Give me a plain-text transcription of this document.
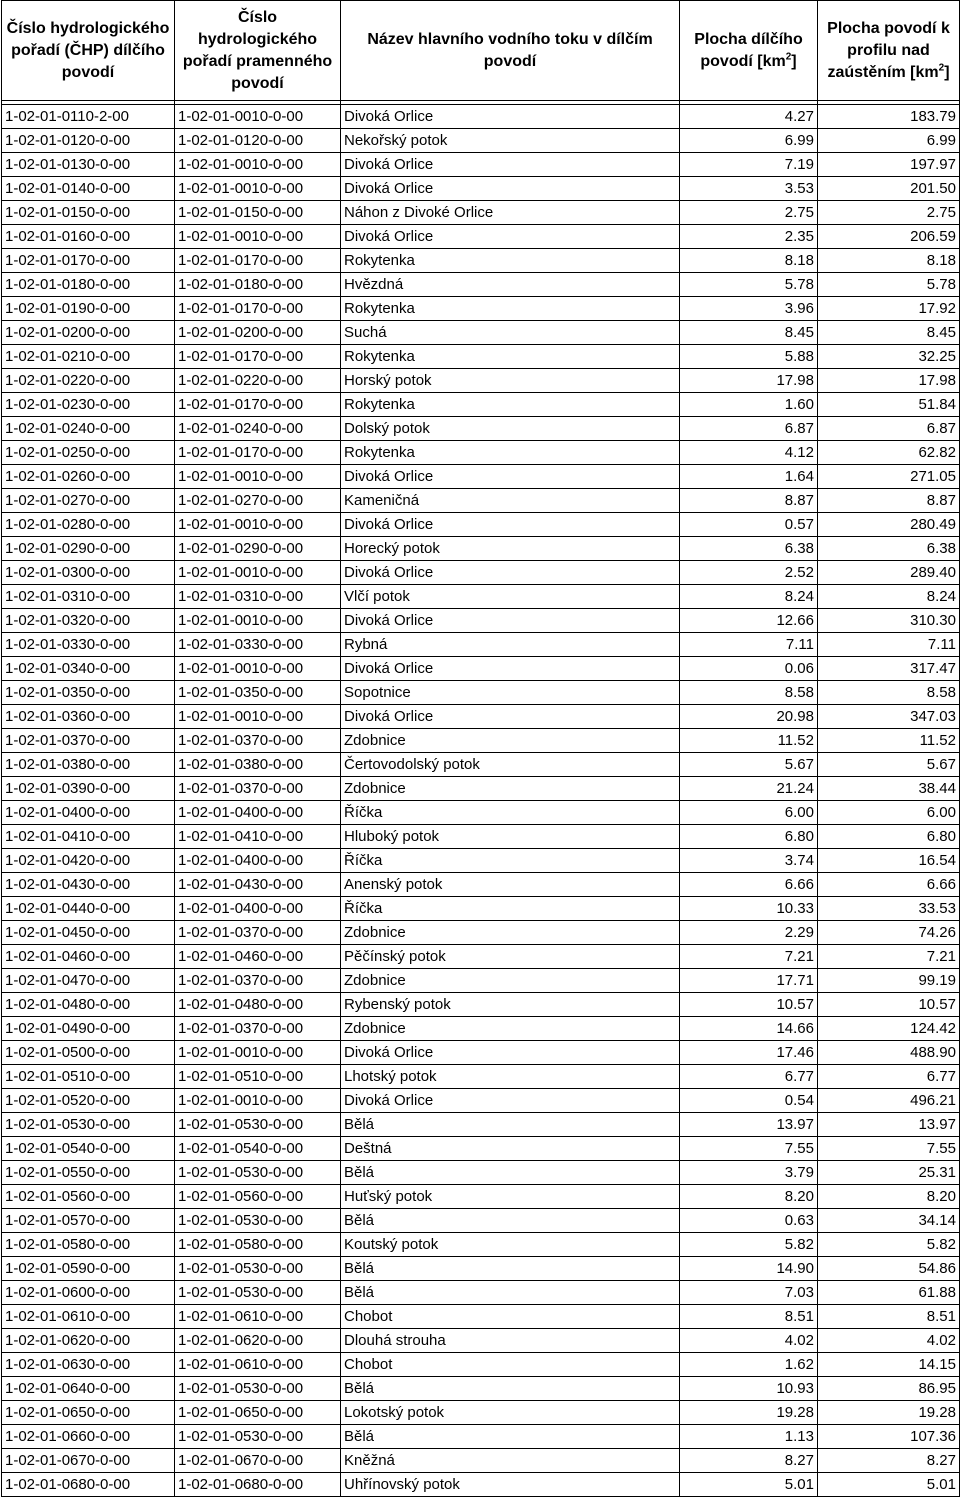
Číslo hydrologického pořadí (ČHP) dílčího povodí	Číslo hydrologického pořadí pramenného povodí	Název hlavního vodního toku v dílčím povodí	Plocha dílčího povodí $[km^2]$	Plocha povodí k profilu nad zaústěním $[km^2]$

1-02-01-0110-2-00	1-02-01-0010-0-00	Divoká Orlice	4.27	183.79
1-02-01-0120-0-00	1-02-01-0120-0-00	Nekořský potok	6.99	6.99
1-02-01-0130-0-00	1-02-01-0010-0-00	Divoká Orlice	7.19	197.97
1-02-01-0140-0-00	1-02-01-0010-0-00	Divoká Orlice	3.53	201.50
1-02-01-0150-0-00	1-02-01-0150-0-00	Náhon z Divoké Orlice	2.75	2.75
1-02-01-0160-0-00	1-02-01-0010-0-00	Divoká Orlice	2.35	206.59
1-02-01-0170-0-00	1-02-01-0170-0-00	Rokytenka	8.18	8.18
1-02-01-0180-0-00	1-02-01-0180-0-00	Hvězdná	5.78	5.78
1-02-01-0190-0-00	1-02-01-0170-0-00	Rokytenka	3.96	17.92
1-02-01-0200-0-00	1-02-01-0200-0-00	Suchá	8.45	8.45
1-02-01-0210-0-00	1-02-01-0170-0-00	Rokytenka	5.88	32.25
1-02-01-0220-0-00	1-02-01-0220-0-00	Horský potok	17.98	17.98
1-02-01-0230-0-00	1-02-01-0170-0-00	Rokytenka	1.60	51.84
1-02-01-0240-0-00	1-02-01-0240-0-00	Dolský potok	6.87	6.87
1-02-01-0250-0-00	1-02-01-0170-0-00	Rokytenka	4.12	62.82
1-02-01-0260-0-00	1-02-01-0010-0-00	Divoká Orlice	1.64	271.05
1-02-01-0270-0-00	1-02-01-0270-0-00	Kameničná	8.87	8.87
1-02-01-0280-0-00	1-02-01-0010-0-00	Divoká Orlice	0.57	280.49
1-02-01-0290-0-00	1-02-01-0290-0-00	Horecký potok	6.38	6.38
1-02-01-0300-0-00	1-02-01-0010-0-00	Divoká Orlice	2.52	289.40
1-02-01-0310-0-00	1-02-01-0310-0-00	Vlčí potok	8.24	8.24
1-02-01-0320-0-00	1-02-01-0010-0-00	Divoká Orlice	12.66	310.30
1-02-01-0330-0-00	1-02-01-0330-0-00	Rybná	7.11	7.11
1-02-01-0340-0-00	1-02-01-0010-0-00	Divoká Orlice	0.06	317.47
1-02-01-0350-0-00	1-02-01-0350-0-00	Sopotnice	8.58	8.58
1-02-01-0360-0-00	1-02-01-0010-0-00	Divoká Orlice	20.98	347.03
1-02-01-0370-0-00	1-02-01-0370-0-00	Zdobnice	11.52	11.52
1-02-01-0380-0-00	1-02-01-0380-0-00	Čertovodolský potok	5.67	5.67
1-02-01-0390-0-00	1-02-01-0370-0-00	Zdobnice	21.24	38.44
1-02-01-0400-0-00	1-02-01-0400-0-00	Říčka	6.00	6.00
1-02-01-0410-0-00	1-02-01-0410-0-00	Hluboký potok	6.80	6.80
1-02-01-0420-0-00	1-02-01-0400-0-00	Říčka	3.74	16.54
1-02-01-0430-0-00	1-02-01-0430-0-00	Anenský potok	6.66	6.66
1-02-01-0440-0-00	1-02-01-0400-0-00	Říčka	10.33	33.53
1-02-01-0450-0-00	1-02-01-0370-0-00	Zdobnice	2.29	74.26
1-02-01-0460-0-00	1-02-01-0460-0-00	Pěčínský potok	7.21	7.21
1-02-01-0470-0-00	1-02-01-0370-0-00	Zdobnice	17.71	99.19
1-02-01-0480-0-00	1-02-01-0480-0-00	Rybenský potok	10.57	10.57
1-02-01-0490-0-00	1-02-01-0370-0-00	Zdobnice	14.66	124.42
1-02-01-0500-0-00	1-02-01-0010-0-00	Divoká Orlice	17.46	488.90
1-02-01-0510-0-00	1-02-01-0510-0-00	Lhotský potok	6.77	6.77
1-02-01-0520-0-00	1-02-01-0010-0-00	Divoká Orlice	0.54	496.21
1-02-01-0530-0-00	1-02-01-0530-0-00	Bělá	13.97	13.97
1-02-01-0540-0-00	1-02-01-0540-0-00	Deštná	7.55	7.55
1-02-01-0550-0-00	1-02-01-0530-0-00	Bělá	3.79	25.31
1-02-01-0560-0-00	1-02-01-0560-0-00	Huťský potok	8.20	8.20
1-02-01-0570-0-00	1-02-01-0530-0-00	Bělá	0.63	34.14
1-02-01-0580-0-00	1-02-01-0580-0-00	Koutský potok	5.82	5.82
1-02-01-0590-0-00	1-02-01-0530-0-00	Bělá	14.90	54.86
1-02-01-0600-0-00	1-02-01-0530-0-00	Bělá	7.03	61.88
1-02-01-0610-0-00	1-02-01-0610-0-00	Chobot	8.51	8.51
1-02-01-0620-0-00	1-02-01-0620-0-00	Dlouhá strouha	4.02	4.02
1-02-01-0630-0-00	1-02-01-0610-0-00	Chobot	1.62	14.15
1-02-01-0640-0-00	1-02-01-0530-0-00	Bělá	10.93	86.95
1-02-01-0650-0-00	1-02-01-0650-0-00	Lokotský potok	19.28	19.28
1-02-01-0660-0-00	1-02-01-0530-0-00	Bělá	1.13	107.36
1-02-01-0670-0-00	1-02-01-0670-0-00	Kněžná	8.27	8.27
1-02-01-0680-0-00	1-02-01-0680-0-00	Uhřínovský potok	5.01	5.01
